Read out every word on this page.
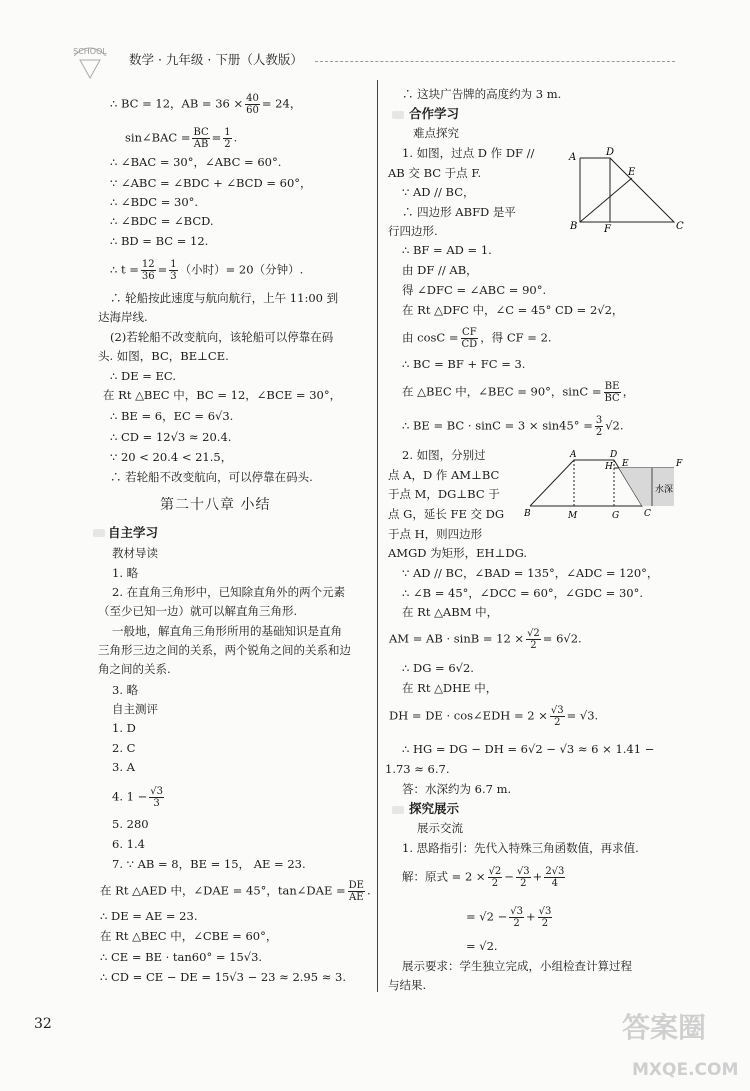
SCHOOL
数学 · 九年级 · 下册（人教版）
∴ BC = 12，AB = $36 \times \frac{40}{60} = 24$，
sin∠BAC = $\frac{BC}{AB} = \frac{1}{2}$ .
∴ ∠BAC = 30°，∠ABC = 60°.
∵ ∠ABC = ∠BDC + ∠BCD = 60°，
∴ ∠BDC = 30°.
∴ ∠BDC = ∠BCD.
∴ BD = BC = 12.
∴ $t = \frac{12}{36} = \frac{1}{3}$ （小时）= 20（分钟）.
∴ 轮船按此速度与航向航行，上午 11:00 到
达海岸线.
(2)若轮船不改变航向，该轮船可以停靠在码
头. 如图，BC，BE⊥CE.
∴ DE = EC.
在 Rt △BEC 中，BC = 12，∠BCE = 30°，
∴ BE = 6，EC = 6√3.
∴ CD = 12√3 ≈ 20.4.
∵ 20 < 20.4 < 21.5，
∴ 若轮船不改变航向，可以停靠在码头.
第二十八章 小结
自主学习
教材导读
1. 略
2. 在直角三角形中，已知除直角外的两个元素
（至少已知一边）就可以解直角三角形.
一般地，解直角三角形所用的基础知识是直角
三角形三边之间的关系，两个锐角之间的关系和边
角之间的关系.
3. 略
自主测评
1. D
2. C
3. A
4. $1 - \frac{√3}{3}$
5. 280
6. 1.4
7. ∵ AB = 8，BE = 15， AE = 23.
在 Rt △AED 中，∠DAE = 45°，tan∠DAE = $\frac{DE}{AE}$ .
∴ DE = AE = 23.
在 Rt △BEC 中，∠CBE = 60°，
∴ CE = BE · tan60° = 15√3.
∴ CD = CE − DE = 15√3 − 23 ≈ 2.95 ≈ 3.
∴ 这块广告牌的高度约为 3 m.
合作学习
难点探究
1. 如图，过点 D 作 DF //
AB 交 BC 于点 F.
∵ AD // BC，
∴ 四边形 ABFD 是平
行四边形.
∴ BF = AD = 1.
由 DF // AB，
得 ∠DFC = ∠ABC = 90°.
在 Rt △DFC 中，∠C = 45° CD = 2√2，
由 $\cos C = \frac{CF}{CD}$ ，得 CF = 2.
∴ BC = BF + FC = 3.
在 △BEC 中，∠BEC = 90°，$\sin C = \frac{BE}{BC}$ ，
∴ BE = BC · $\sin C = 3 \times \sin 45^\circ = \frac{3}{2} √2$.
2. 如图，分别过
点 A，D 作 AM⊥BC
于点 M，DG⊥BC 于
点 G，延长 FE 交 DG
于点 H，则四边形
AMGD 为矩形，EH⊥DG.
∵ AD // BC，∠BAD = 135°，∠ADC = 120°，
∴ ∠B = 45°，∠DCC = 60°，∠GDC = 30°.
在 Rt △ABM 中，
AM = AB · $\sin B = 12 \times \frac{√2}{2} = 6√2$.
∴ DG = 6√2.
在 Rt △DHE 中，
DH = DE · cos∠EDH = $2 \times \frac{√3}{2} = √3$.
∴ HG = DG − DH = 6√2 − √3 ≈ 6 × 1.41 −
1.73 ≈ 6.7.
答：水深约为 6.7 m.
探究展示
展示交流
1. 思路指引：先代入特殊三角函数值，再求值.
解：原式 = $2 \times \frac{√2}{2} - \frac{√3}{2} + \frac{2√3}{4}$
= $√2 - \frac{√3}{2} + \frac{√3}{2}$
= √2.
展示要求：学生独立完成，小组检查计算过程
与结果.
A	D
E
B	F	C
A	D
H E	F
B	M	G	C
水深
32	答案圈
MXQE.COM
